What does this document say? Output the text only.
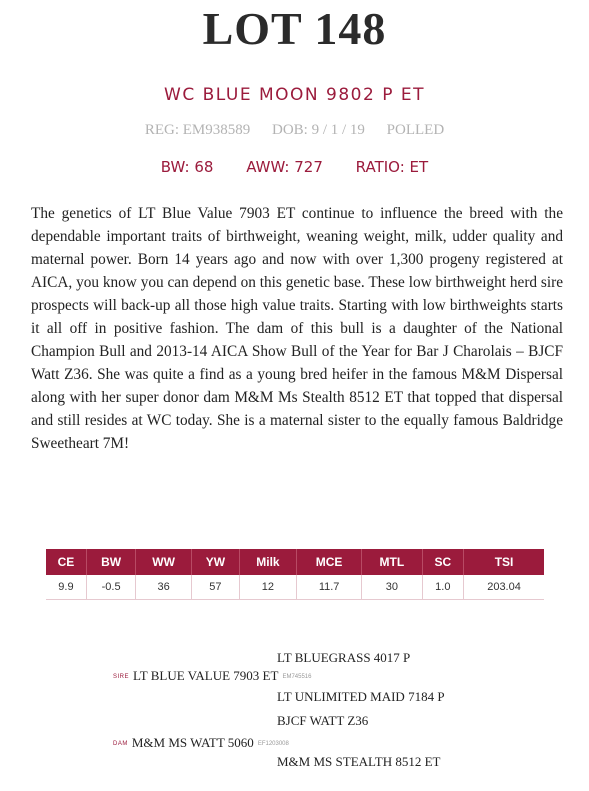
LOT 148
WC BLUE MOON 9802 P ET
REG: EM938589 DOB: 9 / 1 / 19 POLLED
BW: 68 AWW: 727 RATIO: ET

The genetics of LT Blue Value 7903 ET continue to influence the breed with the dependable important traits of birthweight, weaning weight, milk, udder quality and maternal power. Born 14 years ago and now with over 1,300 progeny registered at AICA, you know you can depend on this genetic base. These low birthweight herd sire prospects will back-up all those high value traits. Starting with low birthweights starts it all off in positive fashion. The dam of this bull is a daughter of the National Champion Bull and 2013-14 AICA Show Bull of the Year for Bar J Charolais – BJCF Watt Z36. She was quite a find as a young bred heifer in the famous M&M Dispersal along with her super donor dam M&M Ms Stealth 8512 ET that topped that dispersal and still resides at WC today. She is a maternal sister to the equally famous Baldridge Sweetheart 7M!

CE	BW	WW	YW	Milk	MCE	MTL	SC	TSI
9.9	-0.5	36	57	12	11.7	30	1.0	203.04
LT BLUEGRASS 4017 P
SIRE LT BLUE VALUE 7903 ET EM745516
LT UNLIMITED MAID 7184 P
BJCF WATT Z36
DAM M&M MS WATT 5060 EF1203008
M&M MS STEALTH 8512 ET
